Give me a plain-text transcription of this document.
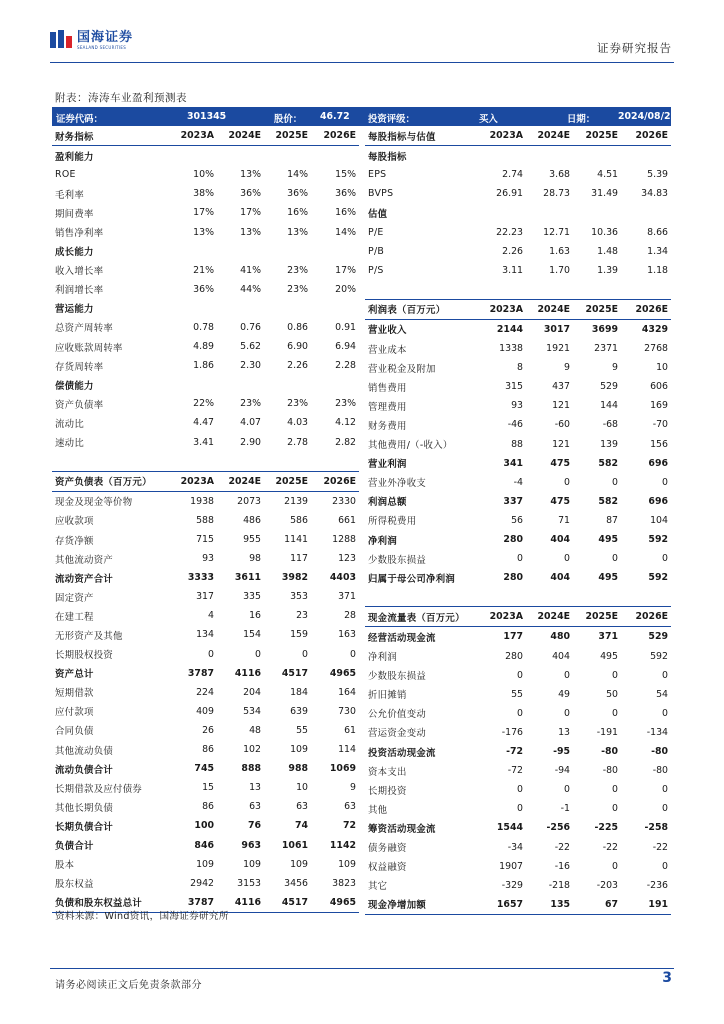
国海证券
SEALAND SECURITIES	证券研究报告
附表：涛涛车业盈利预测表
财务指标	2023A	2024E	2025E	2026E
盈利能力				
ROE	10%	13%	14%	15%
毛利率	38%	36%	36%	36%
期间费率	17%	17%	16%	16%
销售净利率	13%	13%	13%	14%
成长能力				
收入增长率	21%	41%	23%	17%
利润增长率	36%	44%	23%	20%
营运能力				
总资产周转率	0.78	0.76	0.86	0.91
应收账款周转率	4.89	5.62	6.90	6.94
存货周转率	1.86	2.30	2.26	2.28
偿债能力				
资产负债率	22%	23%	23%	23%
流动比	4.47	4.07	4.03	4.12
速动比	3.41	2.90	2.78	2.82

资产负债表（百万元）	2023A	2024E	2025E	2026E
现金及现金等价物	1938	2073	2139	2330
应收款项	588	486	586	661
存货净额	715	955	1141	1288
其他流动资产	93	98	117	123
流动资产合计	3333	3611	3982	4403
固定资产	317	335	353	371
在建工程	4	16	23	28
无形资产及其他	134	154	159	163
长期股权投资	0	0	0	0
资产总计	3787	4116	4517	4965
短期借款	224	204	184	164
应付款项	409	534	639	730
合同负债	26	48	55	61
其他流动负债	86	102	109	114
流动负债合计	745	888	988	1069
长期借款及应付债券	15	13	10	9
其他长期负债	86	63	63	63
长期负债合计	100	76	74	72
负债合计	846	963	1061	1142
股本	109	109	109	109
股东权益	2942	3153	3456	3823
负债和股东权益总计	3787	4116	4517	4965
每股指标与估值	2023A	2024E	2025E	2026E
每股指标				
EPS	2.74	3.68	4.51	5.39
BVPS	26.91	28.73	31.49	34.83
估值				
P/E	22.23	12.71	10.36	8.66
P/B	2.26	1.63	1.48	1.34
P/S	3.11	1.70	1.39	1.18

利润表（百万元）	2023A	2024E	2025E	2026E
营业收入	2144	3017	3699	4329
营业成本	1338	1921	2371	2768
营业税金及附加	8	9	9	10
销售费用	315	437	529	606
管理费用	93	121	144	169
财务费用	-46	-60	-68	-70
其他费用/（-收入）	88	121	139	156
营业利润	341	475	582	696
营业外净收支	-4	0	0	0
利润总额	337	475	582	696
所得税费用	56	71	87	104
净利润	280	404	495	592
少数股东损益	0	0	0	0
归属于母公司净利润	280	404	495	592

现金流量表（百万元）	2023A	2024E	2025E	2026E
经营活动现金流	177	480	371	529
净利润	280	404	495	592
少数股东损益	0	0	0	0
折旧摊销	55	49	50	54
公允价值变动	0	0	0	0
营运资金变动	-176	13	-191	-134
投资活动现金流	-72	-95	-80	-80
资本支出	-72	-94	-80	-80
长期投资	0	0	0	0
其他	0	-1	0	0
筹资活动现金流	1544	-256	-225	-258
债务融资	-34	-22	-22	-22
权益融资	1907	-16	0	0
其它	-329	-218	-203	-236
现金净增加额	1657	135	67	191
证券代码：	301345	股价： 46.72 投资评级：	买入	日期： 2024/08/27
资料来源：Wind资讯，国海证券研究所
请务必阅读正文后免责条款部分	3
